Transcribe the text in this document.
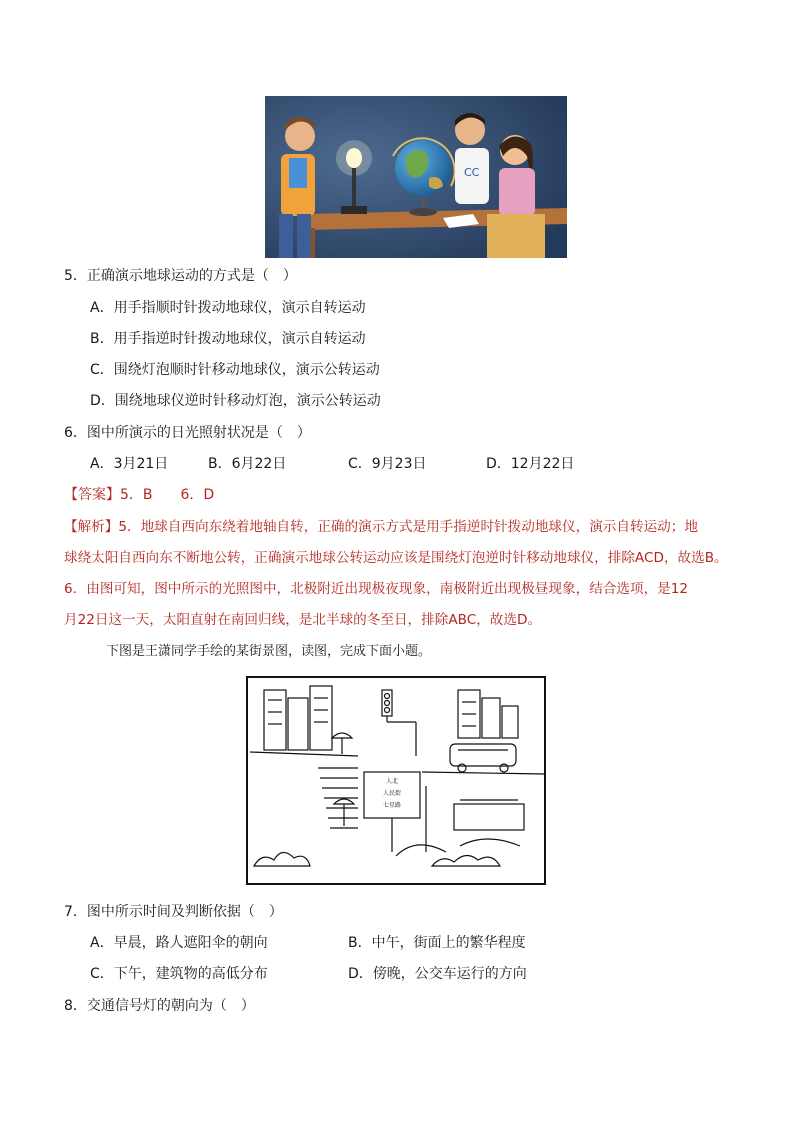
CC
5．正确演示地球运动的方式是（　）
A．用手指顺时针拨动地球仪，演示自转运动
B．用手指逆时针拨动地球仪，演示自转运动
C．围绕灯泡顺时针移动地球仪，演示公转运动
D．围绕地球仪逆时针移动灯泡，演示公转运动
6．图中所演示的日光照射状况是（　）
A．3月21日	B．6月22日	C．9月23日	D．12月22日
【答案】5．B　　6．D
【解析】5．地球自西向东绕着地轴自转，正确的演示方式是用手指逆时针拨动地球仪，演示自转运动；地
球绕太阳自西向东不断地公转，正确演示地球公转运动应该是围绕灯泡逆时针移动地球仪，排除ACD，故选B。
6．由图可知，图中所示的光照图中，北极附近出现极夜现象，南极附近出现极昼现象，结合选项，是12
月22日这一天，太阳直射在南回归线，是北半球的冬至日，排除ABC，故选D。
下图是王潇同学手绘的某街景图，读图，完成下面小题。
人北
人民街
七星路
7．图中所示时间及判断依据（　）
A．早晨，路人遮阳伞的朝向	B．中午，街面上的繁华程度
C．下午，建筑物的高低分布	D．傍晚，公交车运行的方向
8．交通信号灯的朝向为（　）
